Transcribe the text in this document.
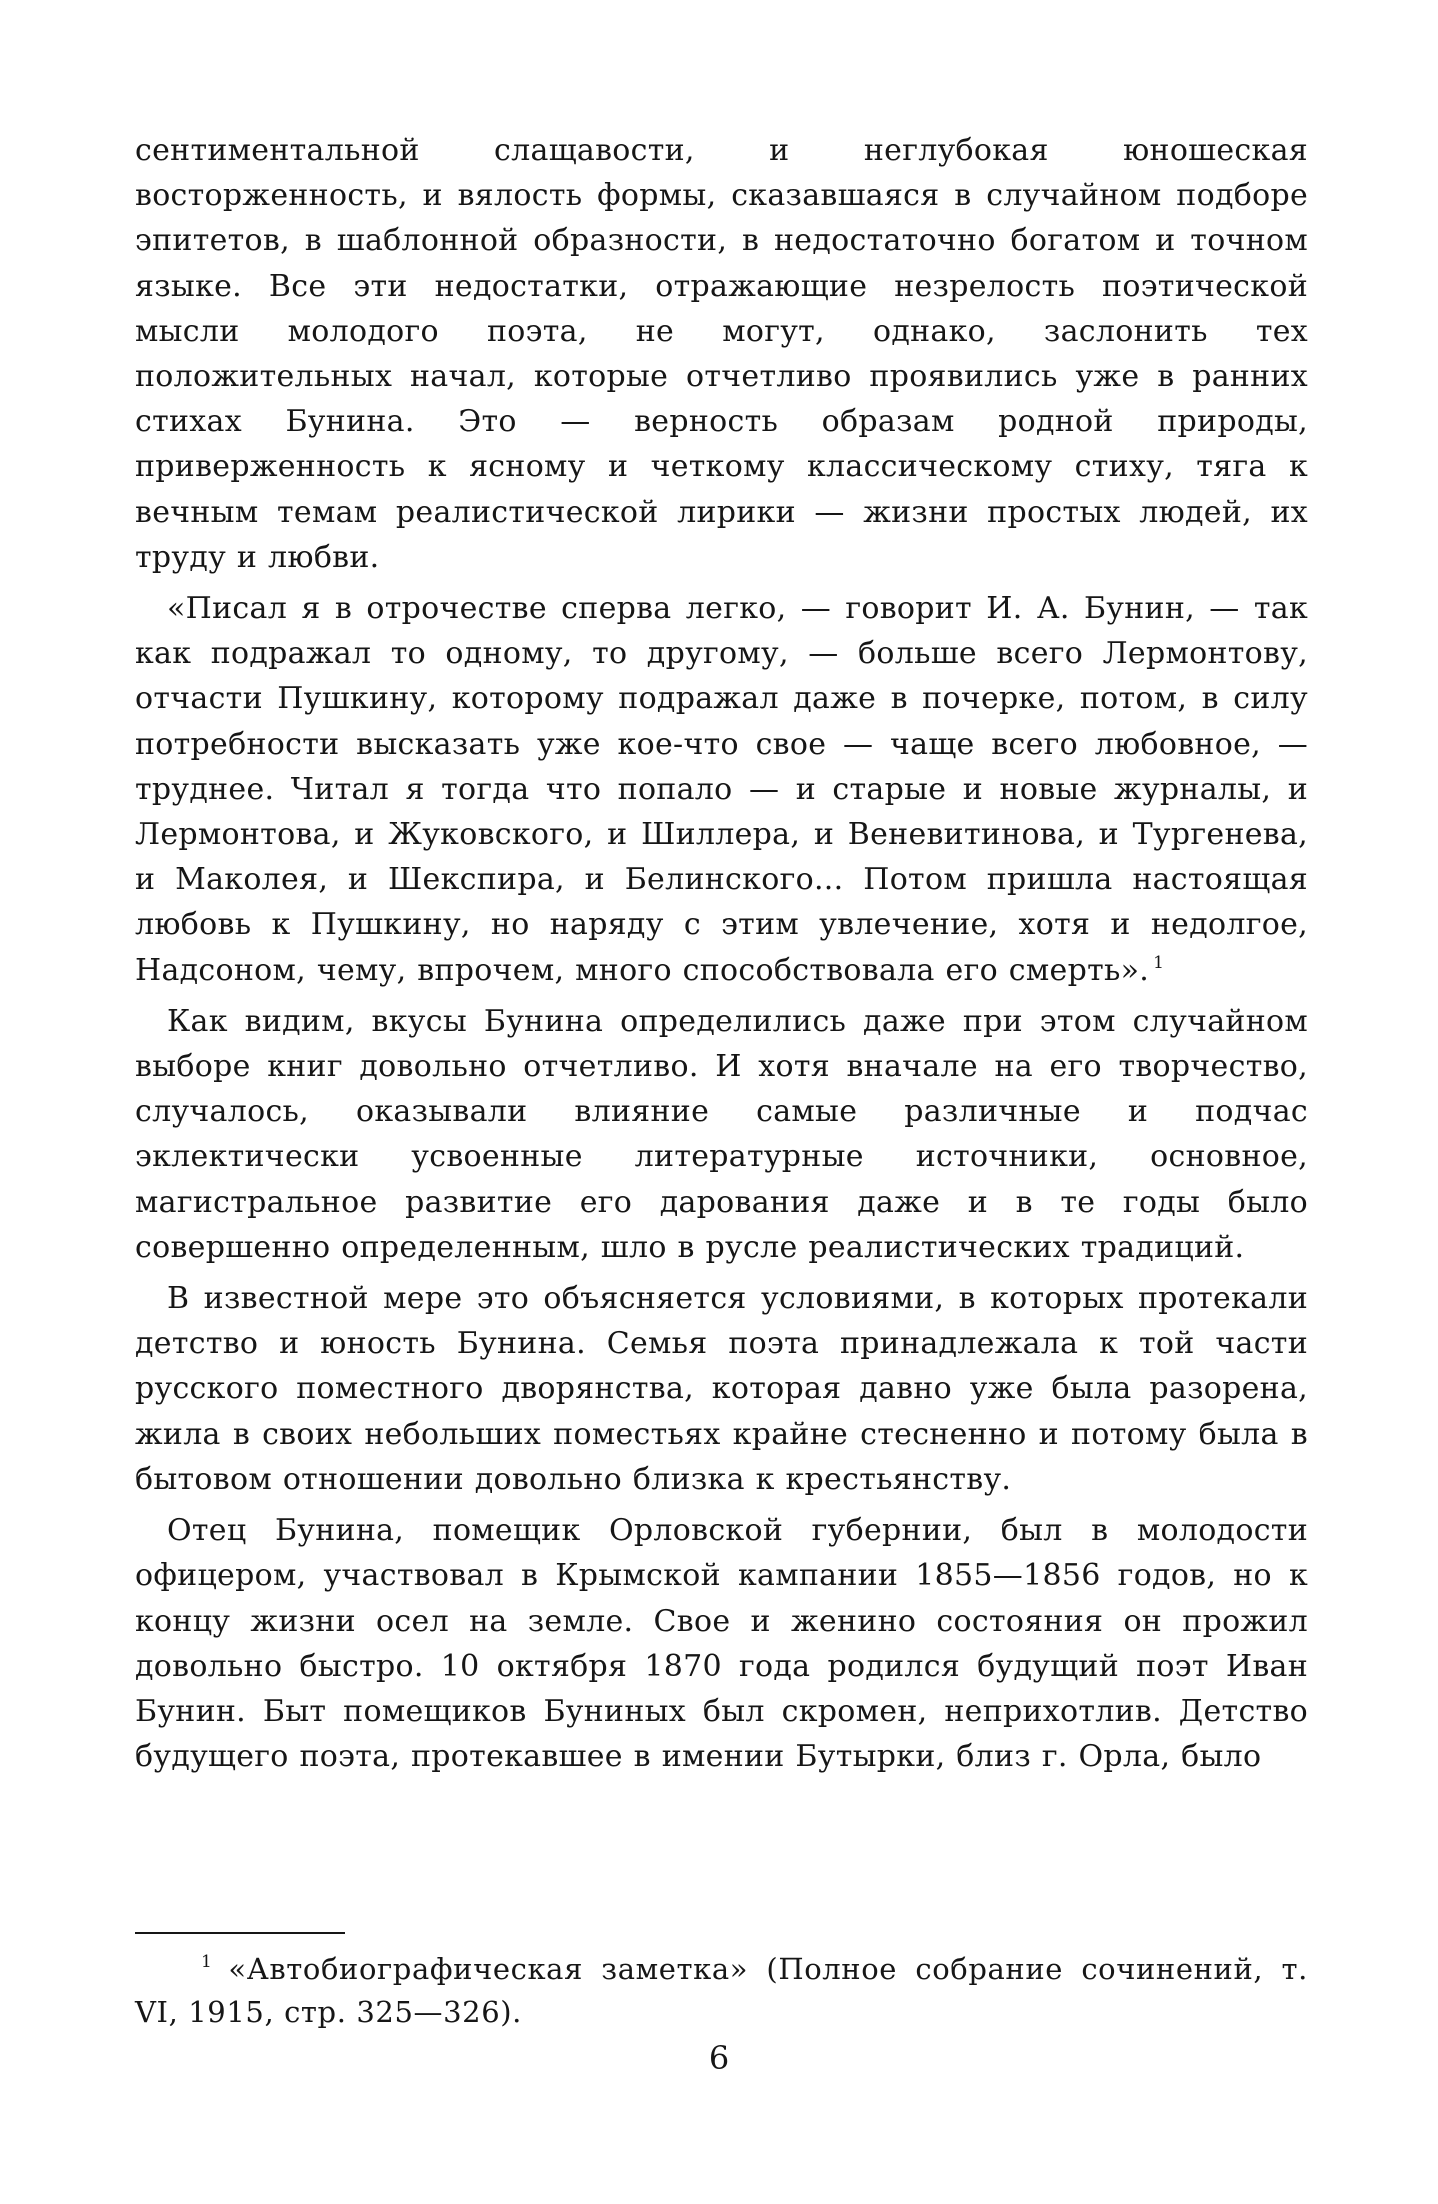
сентиментальной слащавости, и неглубокая юношеская восторженность, и вялость формы, сказавшаяся в случайном подборе эпитетов, в шаблонной образности, в недостаточно богатом и точном языке. Все эти недостатки, отражающие незрелость поэтической мысли молодого поэта, не могут, однако, заслонить тех положительных начал, которые отчетливо проявились уже в ранних стихах Бунина. Это — верность образам родной природы, приверженность к ясному и четкому классическому стиху, тяга к вечным темам реалистической лирики — жизни простых людей, их труду и любви.

«Писал я в отрочестве сперва легко, — говорит И. А. Бунин, — так как подражал то одному, то другому, — больше всего Лермонтову, отчасти Пушкину, которому подражал даже в почерке, потом, в силу потребности высказать уже кое-что свое — чаще всего любовное, — труднее. Читал я тогда что попало — и старые и новые журналы, и Лермонтова, и Жуковского, и Шиллера, и Веневитинова, и Тургенева, и Маколея, и Шекспира, и Белинского... Потом пришла настоящая любовь к Пушкину, но наряду с этим увлечение, хотя и недолгое, Надсоном, чему, впрочем, много способствовала его смерть». $^1$

Как видим, вкусы Бунина определились даже при этом случайном выборе книг довольно отчетливо. И хотя вначале на его творчество, случалось, оказывали влияние самые различные и подчас эклектически усвоенные литературные источники, основное, магистральное развитие его дарования даже и в те годы было совершенно определенным, шло в русле реалистических традиций.

В известной мере это объясняется условиями, в которых протекали детство и юность Бунина. Семья поэта принадлежала к той части русского поместного дворянства, которая давно уже была разорена, жила в своих небольших поместьях крайне стесненно и потому была в бытовом отношении довольно близка к крестьянству.

Отец Бунина, помещик Орловской губернии, был в молодости офицером, участвовал в Крымской кампании 1855—1856 годов, но к концу жизни осел на земле. Свое и женино состояния он прожил довольно быстро. 10 октября 1870 года родился будущий поэт Иван Бунин. Быт помещиков Буниных был скромен, неприхотлив. Детство будущего поэта, протекавшее в имении Бутырки, близ г. Орла, было

$^1$ «Автобиографическая заметка» (Полное собрание сочинений, т. VI, 1915, стр. 325—326).

6
